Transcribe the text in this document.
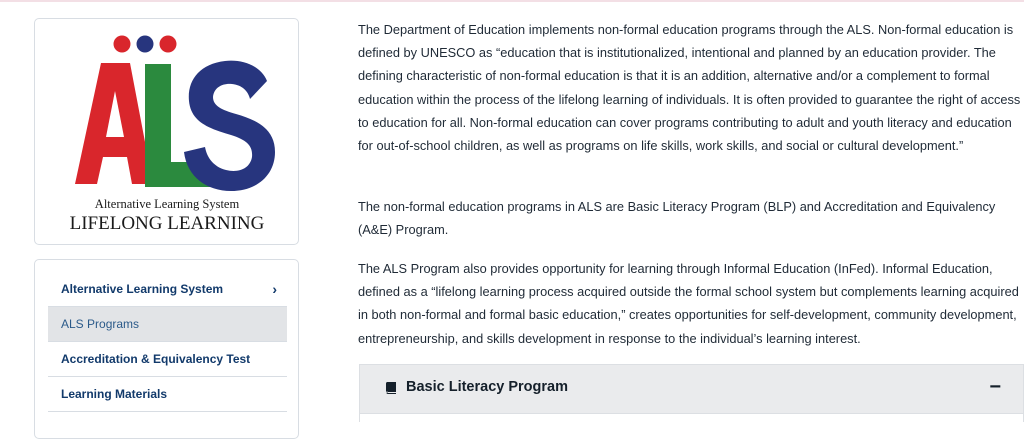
Alternative Learning System
LIFELONG LEARNING
Alternative Learning System	›
ALS Programs
Accreditation & Equivalency Test
Learning Materials

The Department of Education implements non-formal education programs through the ALS. Non-formal education is defined by UNESCO as “education that is institutionalized, intentional and planned by an education provider. The defining characteristic of non-formal education is that it is an addition, alternative and/or a complement to formal education within the process of the lifelong learning of individuals. It is often provided to guarantee the right of access to education for all. Non-formal education can cover programs contributing to adult and youth literacy and education for out-of-school children, as well as programs on life skills, work skills, and social or cultural development.”

The non-formal education programs in ALS are Basic Literacy Program (BLP) and Accreditation and Equivalency (A&E) Program.

The ALS Program also provides opportunity for learning through Informal Education (InFed). Informal Education, defined as a “lifelong learning process acquired outside the formal school system but complements learning acquired in both non-formal and formal basic education,” creates opportunities for self-development, community development, entrepreneurship, and skills development in response to the individual’s learning interest.

Basic Literacy Program	−
